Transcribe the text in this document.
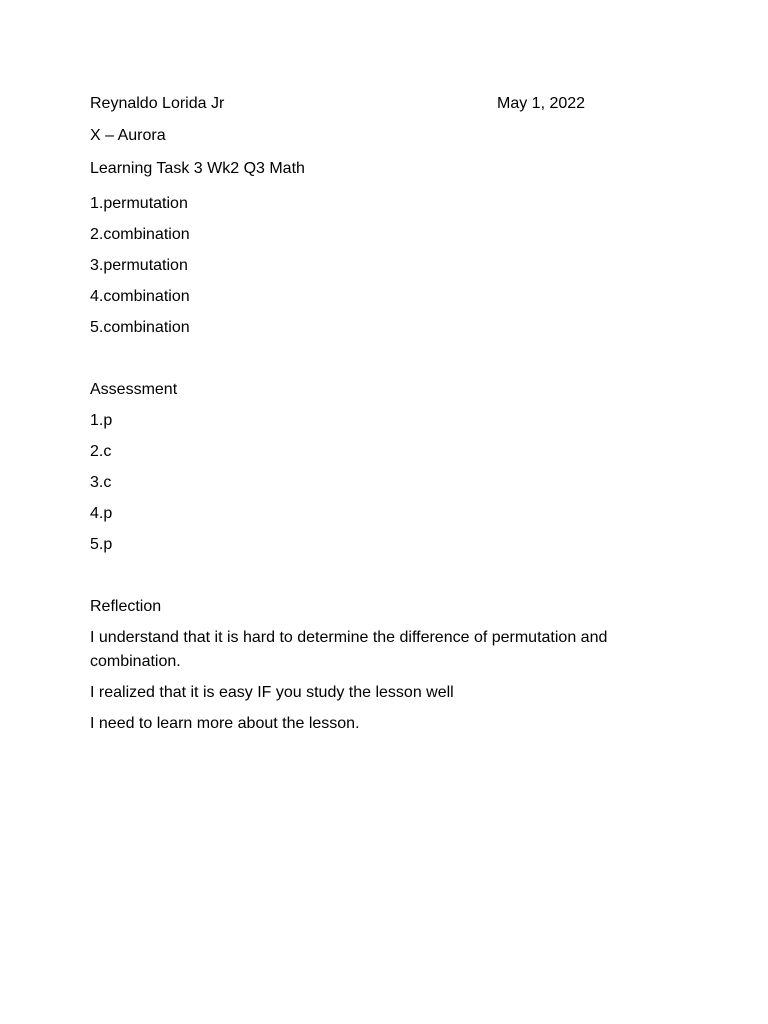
Reynaldo Lorida Jr	May 1, 2022
X – Aurora
Learning Task 3 Wk2 Q3 Math
1.permutation
2.combination
3.permutation
4.combination
5.combination
Assessment
1.p
2.c
3.c
4.p
5.p
Reflection
I understand that it is hard to determine the difference of permutation and combination.
I realized that it is easy IF you study the lesson well
I need to learn more about the lesson.
